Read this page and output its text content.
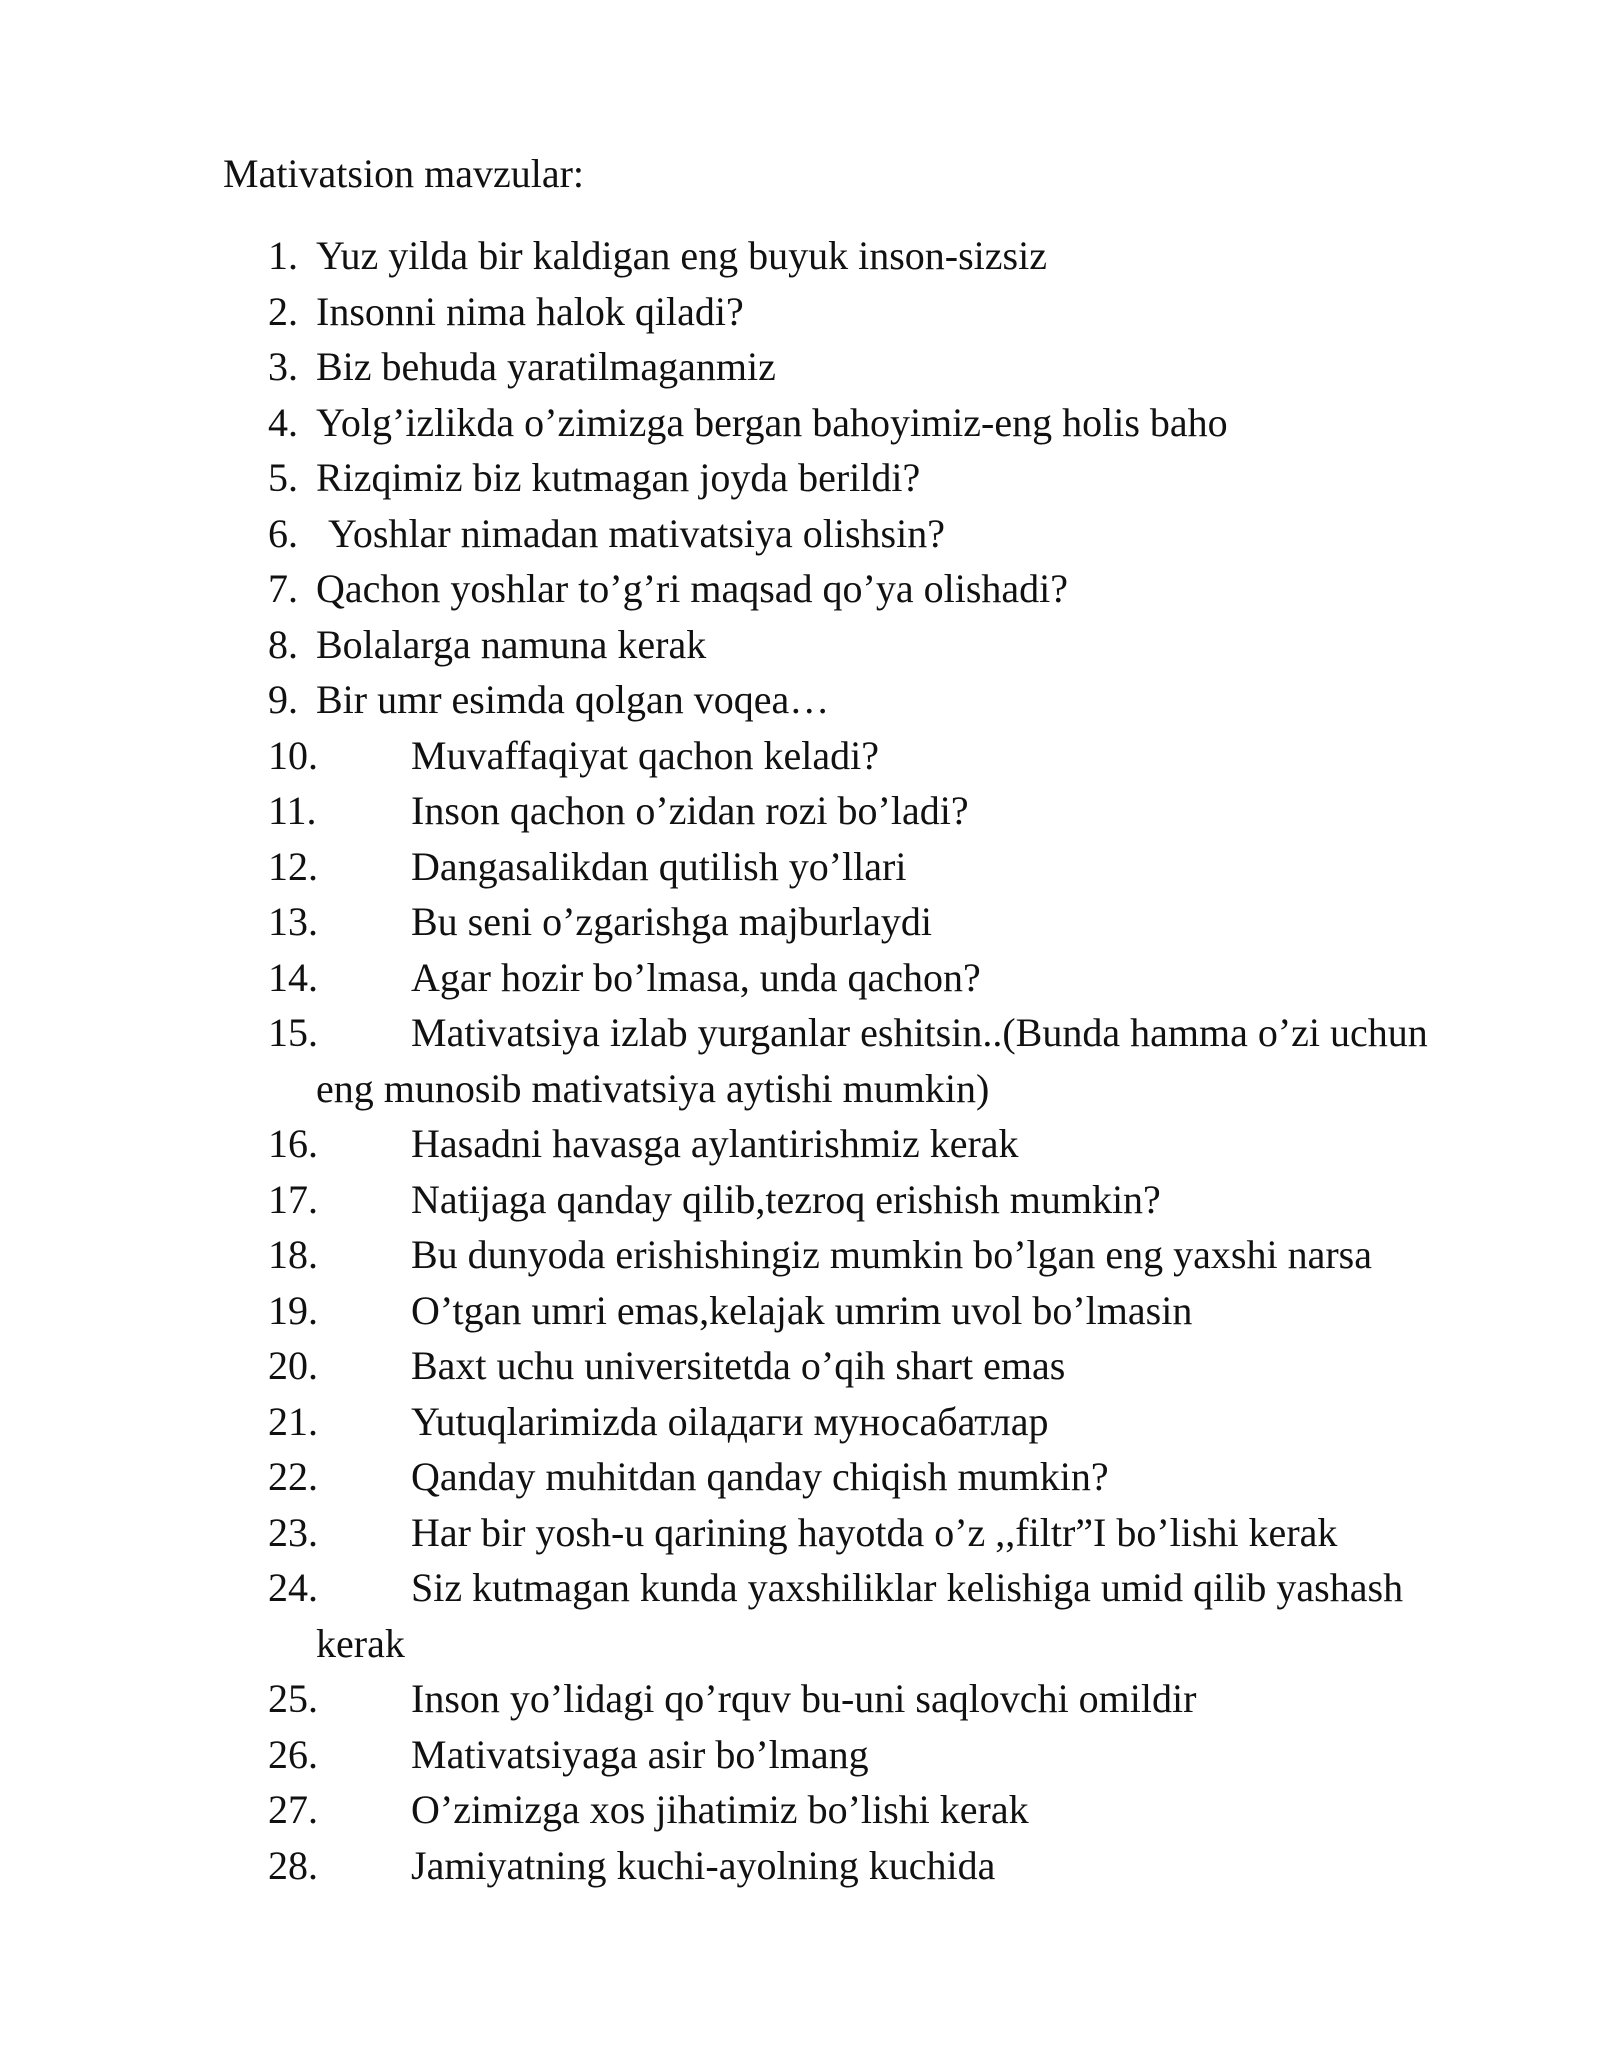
Mativatsion mavzular:
1. Yuz yilda bir kaldigan eng buyuk inson-sizsiz
2. Insonni nima halok qiladi?
3. Biz behuda yaratilmaganmiz
4. Yolg’izlikda o’zimizga bergan bahoyimiz-eng holis baho
5. Rizqimiz biz kutmagan joyda berildi?
6. Yoshlar nimadan mativatsiya olishsin?
7. Qachon yoshlar to’g’ri maqsad qo’ya olishadi?
8. Bolalarga namuna kerak
9. Bir umr esimda qolgan voqea…
10.	Muvaffaqiyat qachon keladi?
11.	Inson qachon o’zidan rozi bo’ladi?
12.	Dangasalikdan qutilish yo’llari
13.	Bu seni o’zgarishga majburlaydi
14.	Agar hozir bo’lmasa, unda qachon?
15.	Mativatsiya izlab yurganlar eshitsin..(Bunda hamma o’zi uchun
eng munosib mativatsiya aytishi mumkin)
16.	Hasadni havasga aylantirishmiz kerak
17.	Natijaga qanday qilib,tezroq erishish mumkin?
18.	Bu dunyoda erishishingiz mumkin bo’lgan eng yaxshi narsa
19.	O’tgan umri emas,kelajak umrim uvol bo’lmasin
20.	Baxt uchu universitetda o’qih shart emas
21.	Yutuqlarimizda oilaдаги муносабатлар
22.	Qanday muhitdan qanday chiqish mumkin?
23.	Har bir yosh-u qarining hayotda o’z ,,filtr”I bo’lishi kerak
24.	Siz kutmagan kunda yaxshiliklar kelishiga umid qilib yashash
kerak
25.	Inson yo’lidagi qo’rquv bu-uni saqlovchi omildir
26.	Mativatsiyaga asir bo’lmang
27.	O’zimizga xos jihatimiz bo’lishi kerak
28.	Jamiyatning kuchi-ayolning kuchida
